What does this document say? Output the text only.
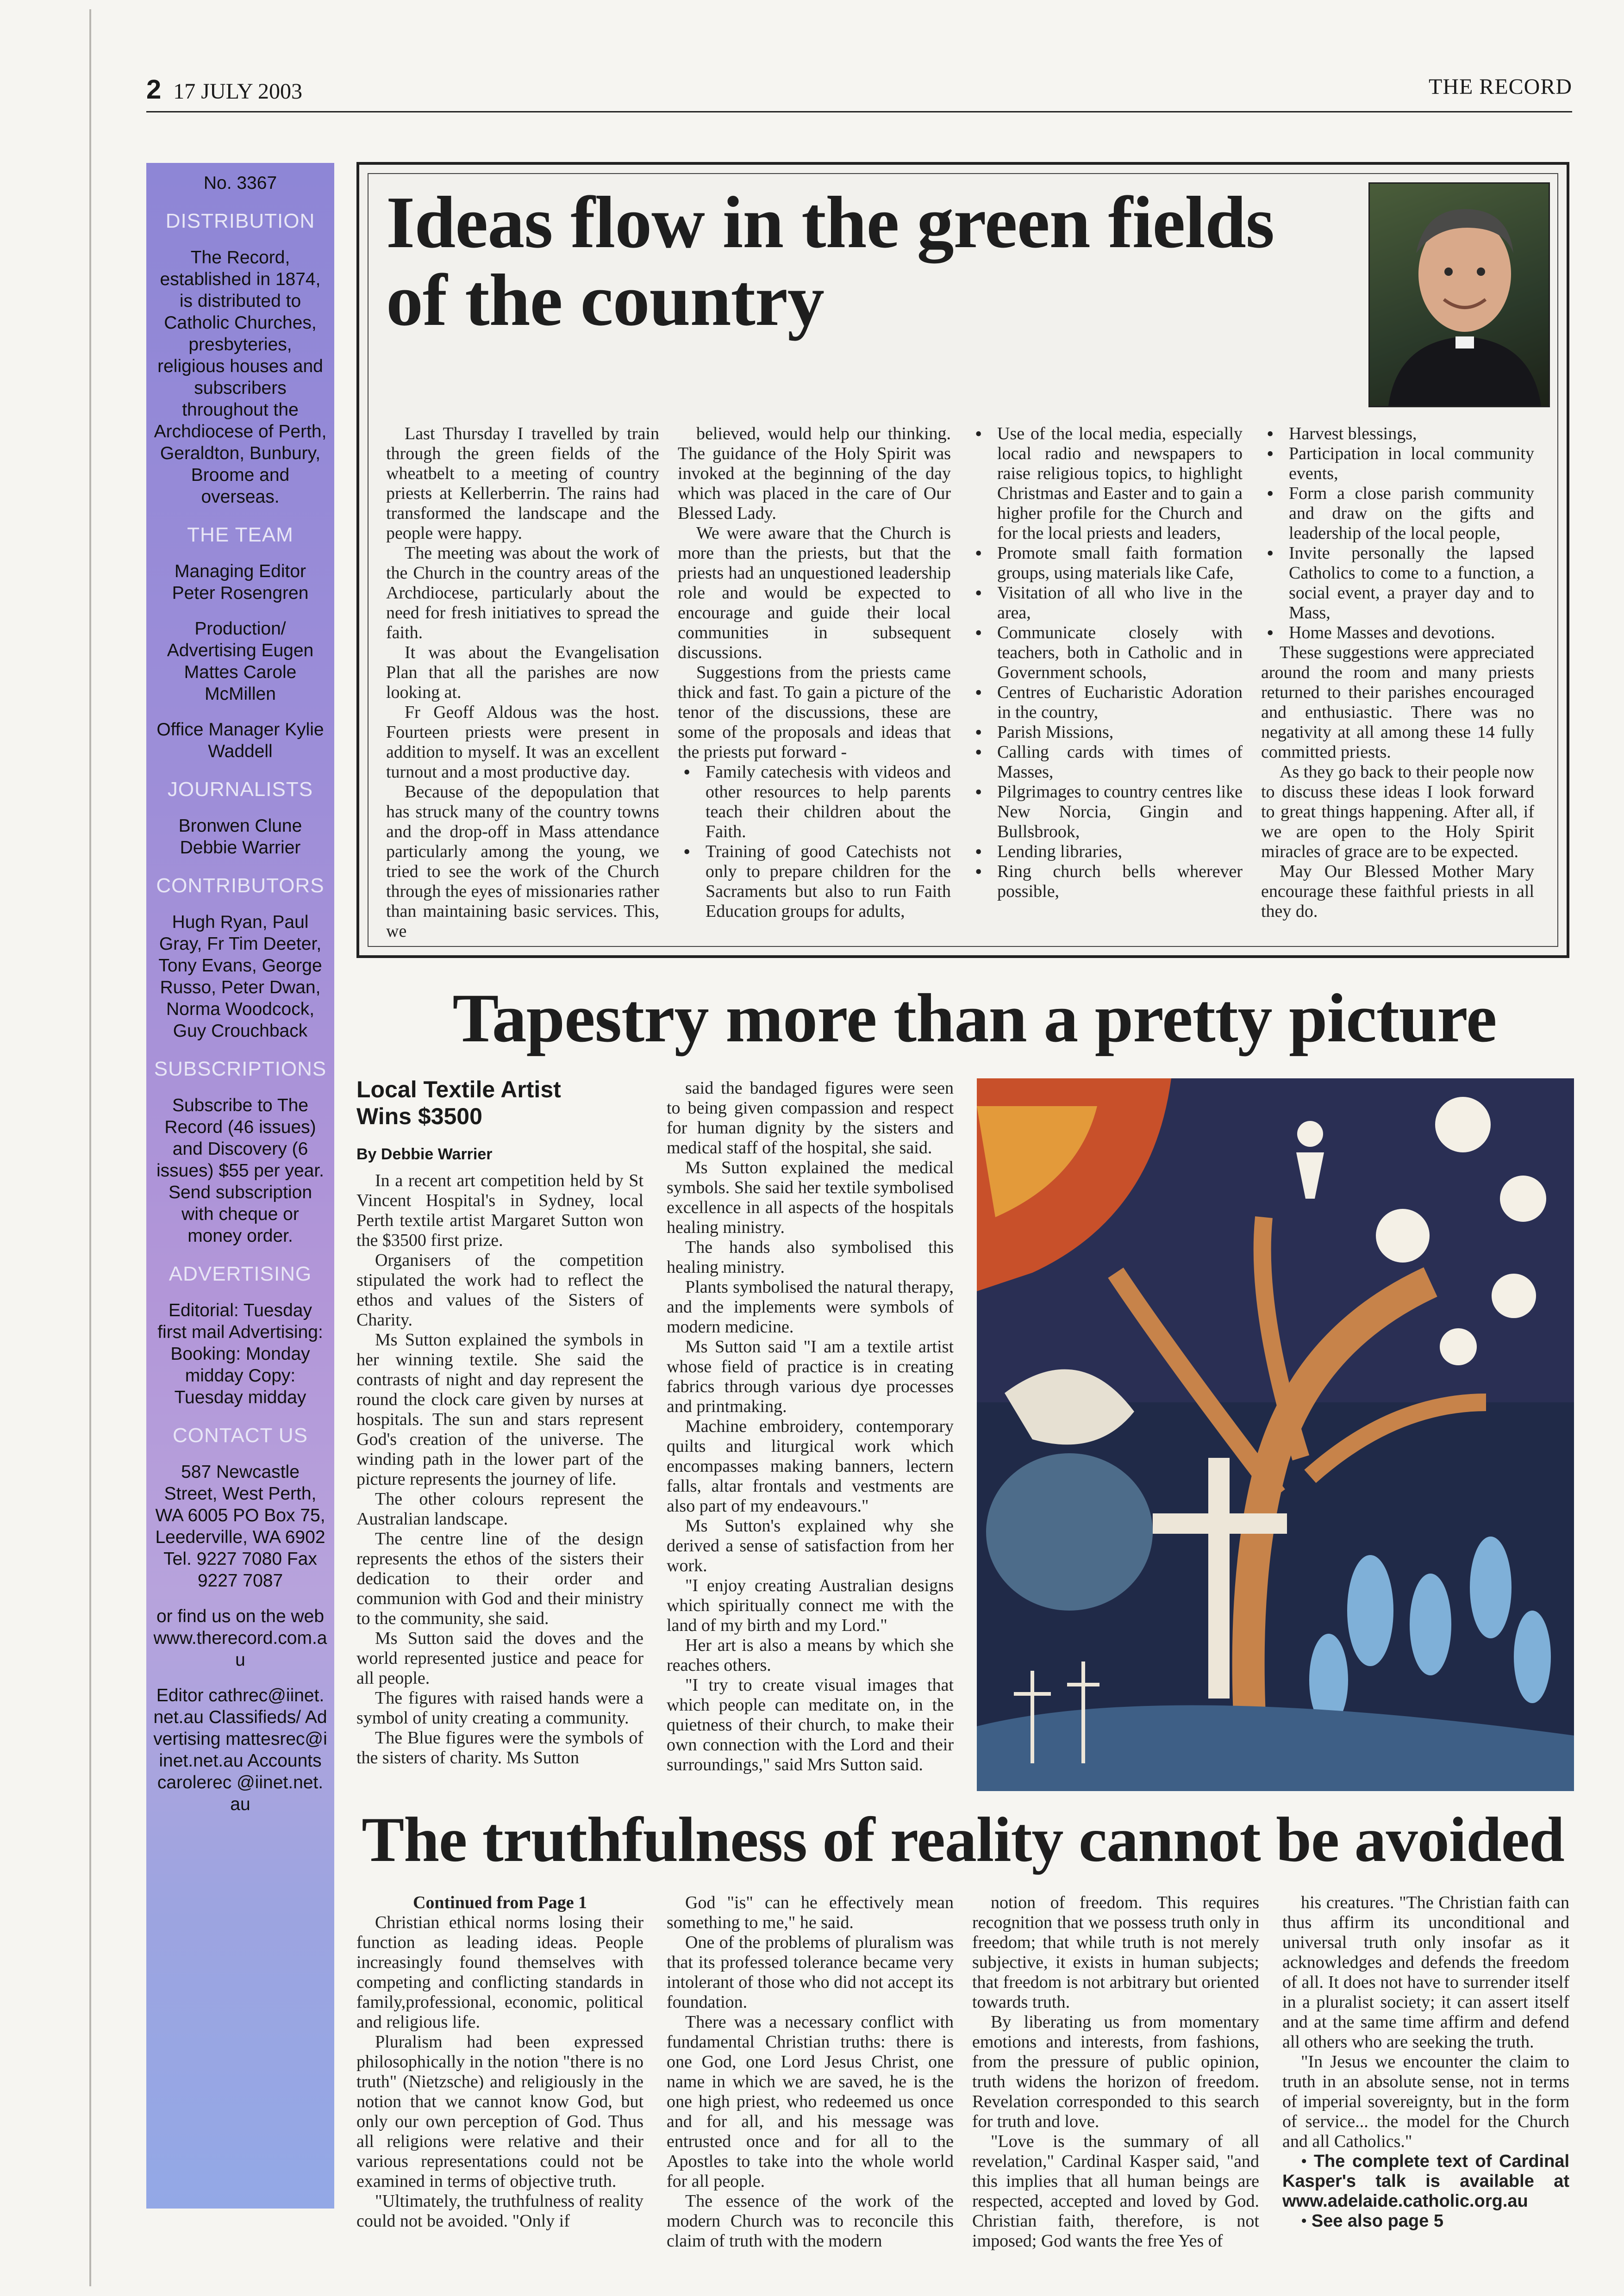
2 17 JULY 2003	THE RECORD
No. 3367
DISTRIBUTION
The Record, established in 1874, is distributed to Catholic Churches, presbyteries, religious houses and subscribers throughout the Archdiocese of Perth, Geraldton, Bunbury, Broome and overseas.
THE TEAM
Managing Editor Peter Rosengren
Production/ Advertising Eugen Mattes Carole McMillen
Office Manager Kylie Waddell
JOURNALISTS
Bronwen Clune Debbie Warrier
CONTRIBUTORS
Hugh Ryan, Paul Gray, Fr Tim Deeter, Tony Evans, George Russo, Peter Dwan, Norma Woodcock, Guy Crouchback
SUBSCRIPTIONS
Subscribe to The Record (46 issues) and Discovery (6 issues) $55 per year. Send subscription with cheque or money order.
ADVERTISING
Editorial: Tuesday first mail Advertising: Booking: Monday midday Copy: Tuesday midday
CONTACT US
587 Newcastle Street, West Perth, WA 6005 PO Box 75, Leederville, WA 6902 Tel. 9227 7080 Fax 9227 7087
or find us on the web www.therecord.com.au
Editor cathrec@iinet.net.au Classifieds/ Advertising mattesrec@iinet.net.au Accounts carolerec @iinet.net.au
Ideas flow in the green fields of the country

Last Thursday I travelled by train through the green fields of the wheatbelt to a meeting of country priests at Kellerberrin. The rains had transformed the landscape and the people were happy.

The meeting was about the work of the Church in the country areas of the Archdiocese, particularly about the need for fresh initiatives to spread the faith.

It was about the Evangelisation Plan that all the parishes are now looking at.

Fr Geoff Aldous was the host. Fourteen priests were present in addition to myself. It was an excellent turnout and a most productive day.

Because of the depopulation that has struck many of the country towns and the drop-off in Mass attendance particularly among the young, we tried to see the work of the Church through the eyes of missionaries rather than maintaining basic services. This, we

believed, would help our thinking. The guidance of the Holy Spirit was invoked at the beginning of the day which was placed in the care of Our Blessed Lady.

We were aware that the Church is more than the priests, but that the priests had an unquestioned leadership role and would be expected to encourage and guide their local communities in subsequent discussions.

Suggestions from the priests came thick and fast. To gain a picture of the tenor of the discussions, these are some of the proposals and ideas that the priests put forward -

• Family catechesis with videos and other resources to help parents teach their children about the Faith.
• Training of good Catechists not only to prepare children for the Sacraments but also to run Faith Education groups for adults,
• Use of the local media, especially local radio and newspapers to raise religious topics, to highlight Christmas and Easter and to gain a higher profile for the Church and for the local priests and leaders,
• Promote small faith formation groups, using materials like Cafe,
• Visitation of all who live in the area,
• Communicate closely with teachers, both in Catholic and in Government schools,
• Centres of Eucharistic Adoration in the country,
• Parish Missions,
• Calling cards with times of Masses,
• Pilgrimages to country centres like New Norcia, Gingin and Bullsbrook,
• Lending libraries,
• Ring church bells wherever possible,
• Harvest blessings,
• Participation in local community events,
• Form a close parish community and draw on the gifts and leadership of the local people,
• Invite personally the lapsed Catholics to come to a function, a social event, a prayer day and to Mass,
• Home Masses and devotions.

These suggestions were appreciated around the room and many priests returned to their parishes encouraged and enthusiastic. There was no negativity at all among these 14 fully committed priests.

As they go back to their people now to discuss these ideas I look forward to great things happening. After all, if we are open to the Holy Spirit miracles of grace are to be expected.

May Our Blessed Mother Mary encourage these faithful priests in all they do.

Tapestry more than a pretty picture
Local Textile Artist Wins $3500
By Debbie Warrier

In a recent art competition held by St Vincent Hospital's in Sydney, local Perth textile artist Margaret Sutton won the $3500 first prize.

Organisers of the competition stipulated the work had to reflect the ethos and values of the Sisters of Charity.

Ms Sutton explained the symbols in her winning textile. She said the contrasts of night and day represent the round the clock care given by nurses at hospitals. The sun and stars represent God's creation of the universe. The winding path in the lower part of the picture represents the journey of life.

The other colours represent the Australian landscape.

The centre line of the design represents the ethos of the sisters their dedication to their order and communion with God and their ministry to the community, she said.

Ms Sutton said the doves and the world represented justice and peace for all people.

The figures with raised hands were a symbol of unity creating a community.

The Blue figures were the symbols of the sisters of charity. Ms Sutton

said the bandaged figures were seen to being given compassion and respect for human dignity by the sisters and medical staff of the hospital, she said.

Ms Sutton explained the medical symbols. She said her textile symbolised excellence in all aspects of the hospitals healing ministry.

The hands also symbolised this healing ministry.

Plants symbolised the natural therapy, and the implements were symbols of modern medicine.

Ms Sutton said "I am a textile artist whose field of practice is in creating fabrics through various dye processes and printmaking.

Machine embroidery, contemporary quilts and liturgical work which encompasses making banners, lectern falls, altar frontals and vestments are also part of my endeavours."

Ms Sutton's explained why she derived a sense of satisfaction from her work.

"I enjoy creating Australian designs which spiritually connect me with the land of my birth and my Lord."

Her art is also a means by which she reaches others.

"I try to create visual images that which people can meditate on, in the quietness of their church, to make their own connection with the Lord and their surroundings," said Mrs Sutton said.

The truthfulness of reality cannot be avoided

Continued from Page 1

Christian ethical norms losing their function as leading ideas. People increasingly found themselves with competing and conflicting standards in family,professional, economic, political and religious life.

Pluralism had been expressed philosophically in the notion "there is no truth" (Nietzsche) and religiously in the notion that we cannot know God, but only our own perception of God. Thus all religions were relative and their various representations could not be examined in terms of objective truth.

"Ultimately, the truthfulness of reality could not be avoided. "Only if

God "is" can he effectively mean something to me," he said.

One of the problems of pluralism was that its professed tolerance became very intolerant of those who did not accept its foundation.

There was a necessary conflict with fundamental Christian truths: there is one God, one Lord Jesus Christ, one name in which we are saved, he is the one high priest, who redeemed us once and for all, and his message was entrusted once and for all to the Apostles to take into the whole world for all people.

The essence of the work of the modern Church was to reconcile this claim of truth with the modern

notion of freedom. This requires recognition that we possess truth only in freedom; that while truth is not merely subjective, it exists in human subjects; that freedom is not arbitrary but oriented towards truth.

By liberating us from momentary emotions and interests, from fashions, from the pressure of public opinion, truth widens the horizon of freedom. Revelation corresponded to this search for truth and love.

"Love is the summary of all revelation," Cardinal Kasper said, "and this implies that all human beings are respected, accepted and loved by God. Christian faith, therefore, is not imposed; God wants the free Yes of

his creatures. "The Christian faith can thus affirm its unconditional and universal truth only insofar as it acknowledges and defends the freedom of all. It does not have to surrender itself in a pluralist society; it can assert itself and at the same time affirm and defend all others who are seeking the truth.

"In Jesus we encounter the claim to truth in an absolute sense, not in terms of imperial sovereignty, but in the form of service... the model for the Church and all Catholics."

• The complete text of Cardinal Kasper's talk is available at www.adelaide.catholic.org.au

• See also page 5
